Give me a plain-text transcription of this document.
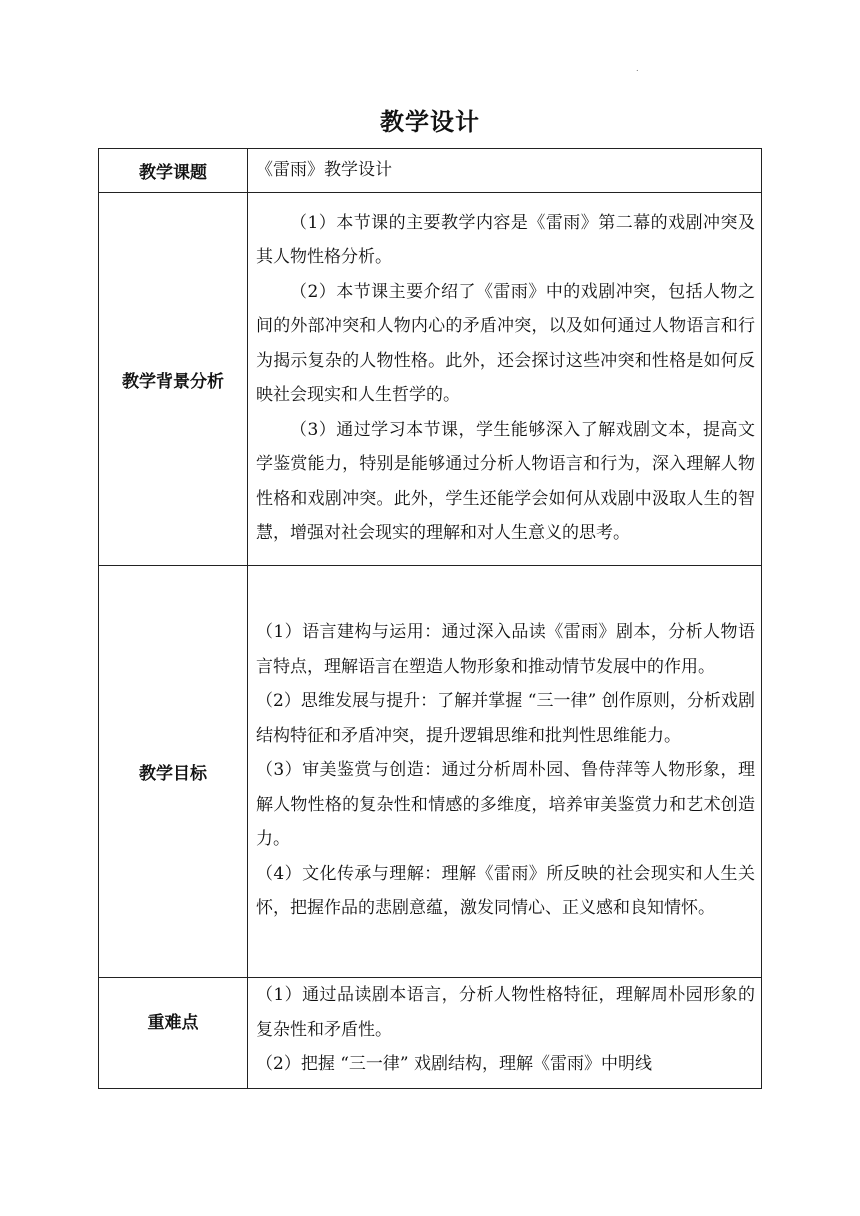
.
教学设计
教学课题	《雷雨》教学设计
教学背景分析	（1）本节课的主要教学内容是《雷雨》第二幕的戏剧冲突及其人物性格分析。

（2）本节课主要介绍了《雷雨》中的戏剧冲突，包括人物之间的外部冲突和人物内心的矛盾冲突，以及如何通过人物语言和行为揭示复杂的人物性格。此外，还会探讨这些冲突和性格是如何反映社会现实和人生哲学的。

（3）通过学习本节课，学生能够深入了解戏剧文本，提高文学鉴赏能力，特别是能够通过分析人物语言和行为，深入理解人物性格和戏剧冲突。此外，学生还能学会如何从戏剧中汲取人生的智慧，增强对社会现实的理解和对人生意义的思考。

教学目标	（1）语言建构与运用：通过深入品读《雷雨》剧本，分析人物语言特点，理解语言在塑造人物形象和推动情节发展中的作用。

（2）思维发展与提升：了解并掌握 “三一律” 创作原则，分析戏剧结构特征和矛盾冲突，提升逻辑思维和批判性思维能力。

（3）审美鉴赏与创造：通过分析周朴园、鲁侍萍等人物形象，理解人物性格的复杂性和情感的多维度，培养审美鉴赏力和艺术创造力。

（4）文化传承与理解：理解《雷雨》所反映的社会现实和人生关怀，把握作品的悲剧意蕴，激发同情心、正义感和良知情怀。

重难点	（1）通过品读剧本语言，分析人物性格特征，理解周朴园形象的复杂性和矛盾性。

（2）把握 “三一律” 戏剧结构，理解《雷雨》中明线
